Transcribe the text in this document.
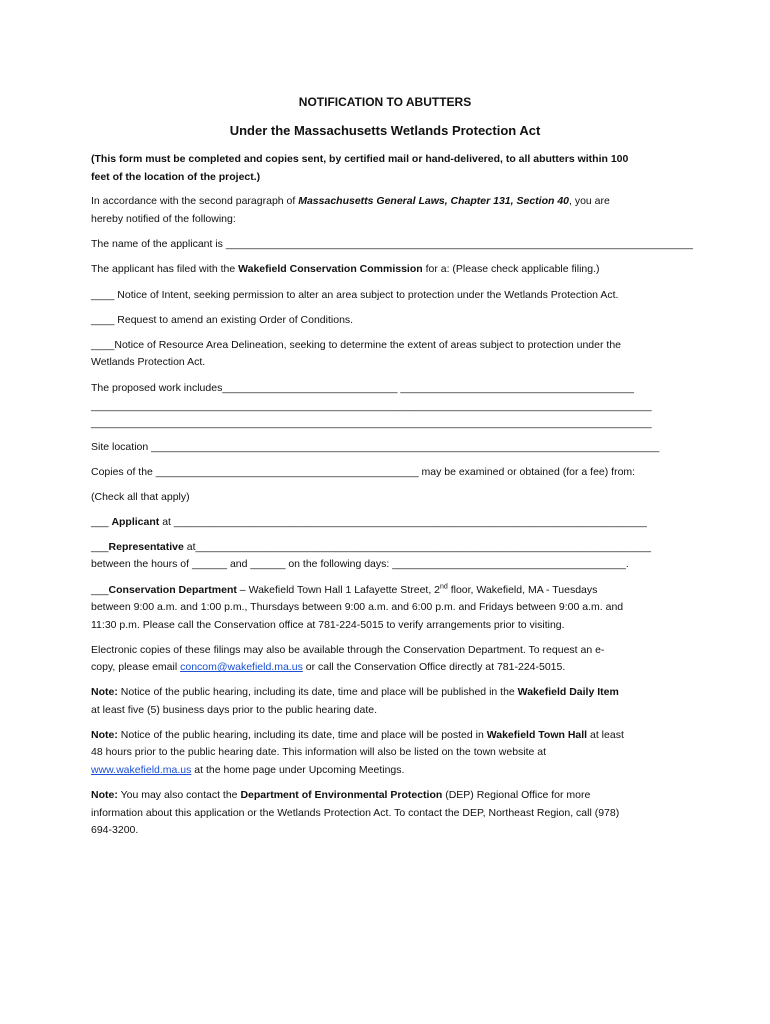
NOTIFICATION TO ABUTTERS
Under the Massachusetts Wetlands Protection Act
(This form must be completed and copies sent, by certified mail or hand-delivered, to all abutters within 100
feet of the location of the project.)
In accordance with the second paragraph of Massachusetts General Laws, Chapter 131, Section 40, you are
hereby notified of the following:
The name of the applicant is ________________________________________________________________________________
The applicant has filed with the Wakefield Conservation Commission for a: (Please check applicable filing.)
____ Notice of Intent, seeking permission to alter an area subject to protection under the Wetlands Protection Act.
____ Request to amend an existing Order of Conditions.
____Notice of Resource Area Delineation, seeking to determine the extent of areas subject to protection under the
Wetlands Protection Act.
The proposed work includes______________________________ ________________________________________
________________________________________________________________________________________________
________________________________________________________________________________________________
Site location _______________________________________________________________________________________
Copies of the _____________________________________________ may be examined or obtained (for a fee) from:
(Check all that apply)
___ Applicant at _________________________________________________________________________________
___Representative at______________________________________________________________________________
between the hours of ______ and ______ on the following days: ________________________________________.
___Conservation Department – Wakefield Town Hall 1 Lafayette Street, 2nd floor, Wakefield, MA - Tuesdays
between 9:00 a.m. and 1:00 p.m., Thursdays between 9:00 a.m. and 6:00 p.m. and Fridays between 9:00 a.m. and
11:30 p.m. Please call the Conservation office at 781-224-5015 to verify arrangements prior to visiting.
Electronic copies of these filings may also be available through the Conservation Department. To request an e-
copy, please email concom@wakefield.ma.us or call the Conservation Office directly at 781-224-5015.
Note: Notice of the public hearing, including its date, time and place will be published in the Wakefield Daily Item
at least five (5) business days prior to the public hearing date.
Note: Notice of the public hearing, including its date, time and place will be posted in Wakefield Town Hall at least
48 hours prior to the public hearing date. This information will also be listed on the town website at
www.wakefield.ma.us at the home page under Upcoming Meetings.
Note: You may also contact the Department of Environmental Protection (DEP) Regional Office for more
information about this application or the Wetlands Protection Act. To contact the DEP, Northeast Region, call (978)
694-3200.
